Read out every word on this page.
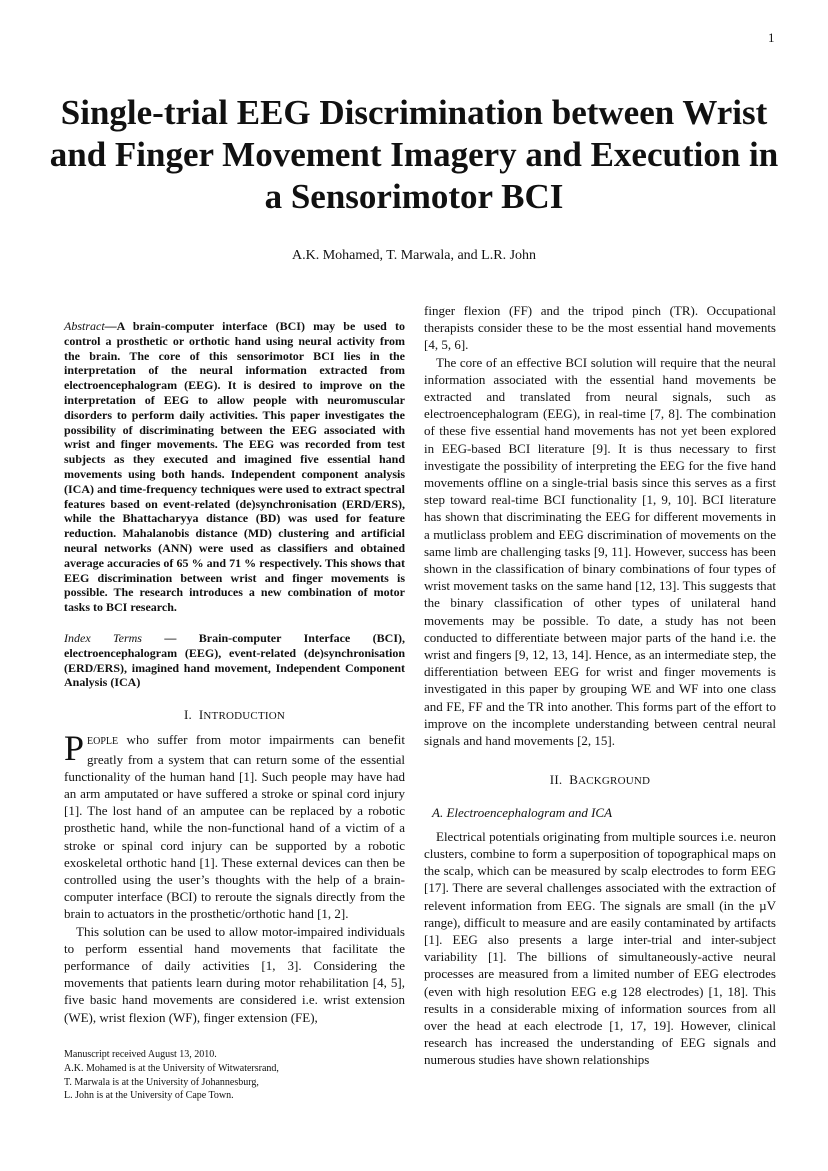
1
Single-trial EEG Discrimination between Wrist and Finger Movement Imagery and Execution in a Sensorimotor BCI
A.K. Mohamed, T. Marwala, and L.R. John

Abstract—A brain-computer interface (BCI) may be used to control a prosthetic or orthotic hand using neural activity from the brain. The core of this sensorimotor BCI lies in the interpretation of the neural information extracted from electroencephalogram (EEG). It is desired to improve on the interpretation of EEG to allow people with neuromuscular disorders to perform daily activities. This paper investigates the possibility of discriminating between the EEG associated with wrist and finger movements. The EEG was recorded from test subjects as they executed and imagined five essential hand movements using both hands. Independent component analysis (ICA) and time-frequency techniques were used to extract spectral features based on event-related (de)synchronisation (ERD/ERS), while the Bhattacharyya distance (BD) was used for feature reduction. Mahalanobis distance (MD) clustering and artificial neural networks (ANN) were used as classifiers and obtained average accuracies of 65 % and 71 % respectively. This shows that EEG discrimination between wrist and finger movements is possible. The research introduces a new combination of motor tasks to BCI research.

Index Terms — Brain-computer Interface (BCI), electroencephalogram (EEG), event-related (de)synchronisation (ERD/ERS), imagined hand movement, Independent Component Analysis (ICA)

I. INTRODUCTION

PEOPLE who suffer from motor impairments can benefit greatly from a system that can return some of the essential functionality of the human hand [1]. Such people may have had an arm amputated or have suffered a stroke or spinal cord injury [1]. The lost hand of an amputee can be replaced by a robotic prosthetic hand, while the non-functional hand of a victim of a stroke or spinal cord injury can be supported by a robotic exoskeletal orthotic hand [1]. These external devices can then be controlled using the user’s thoughts with the help of a brain-computer interface (BCI) to reroute the signals directly from the brain to actuators in the prosthetic/orthotic hand [1, 2].

This solution can be used to allow motor-impaired individuals to perform essential hand movements that facilitate the performance of daily activities [1, 3]. Considering the movements that patients learn during motor rehabilitation [4, 5], five basic hand movements are considered i.e. wrist extension (WE), wrist flexion (WF), finger extension (FE),

finger flexion (FF) and the tripod pinch (TR). Occupational therapists consider these to be the most essential hand movements [4, 5, 6].

The core of an effective BCI solution will require that the neural information associated with the essential hand movements be extracted and translated from neural signals, such as electroencephalogram (EEG), in real-time [7, 8]. The combination of these five essential hand movements has not yet been explored in EEG-based BCI literature [9]. It is thus necessary to first investigate the possibility of interpreting the EEG for the five hand movements offline on a single-trial basis since this serves as a first step toward real-time BCI functionality [1, 9, 10]. BCI literature has shown that discriminating the EEG for different movements in a mutliclass problem and EEG discrimination of movements on the same limb are challenging tasks [9, 11]. However, success has been shown in the classification of binary combinations of four types of wrist movement tasks on the same hand [12, 13]. This suggests that the binary classification of other types of unilateral hand movements may be possible. To date, a study has not been conducted to differentiate between major parts of the hand i.e. the wrist and fingers [9, 12, 13, 14]. Hence, as an intermediate step, the differentiation between EEG for wrist and finger movements is investigated in this paper by grouping WE and WF into one class and FE, FF and the TR into another. This forms part of the effort to improve on the incomplete understanding between central neural signals and hand movements [2, 15].

II. BACKGROUND
A. Electroencephalogram and ICA

Electrical potentials originating from multiple sources i.e. neuron clusters, combine to form a superposition of topographical maps on the scalp, which can be measured by scalp electrodes to form EEG [17]. There are several challenges associated with the extraction of relevent information from EEG. The signals are small (in the µV range), difficult to measure and are easily contaminated by artifacts [1]. EEG also presents a large inter-trial and inter-subject variability [1]. The billions of simultaneously-active neural processes are measured from a limited number of EEG electrodes (even with high resolution EEG e.g 128 electrodes) [1, 18]. This results in a considerable mixing of information sources from all over the head at each electrode [1, 17, 19]. However, clinical research has increased the understanding of EEG signals and numerous studies have shown relationships

Manuscript received August 13, 2010.
A.K. Mohamed is at the University of Witwatersrand,
T. Marwala is at the University of Johannesburg,
L. John is at the University of Cape Town.
